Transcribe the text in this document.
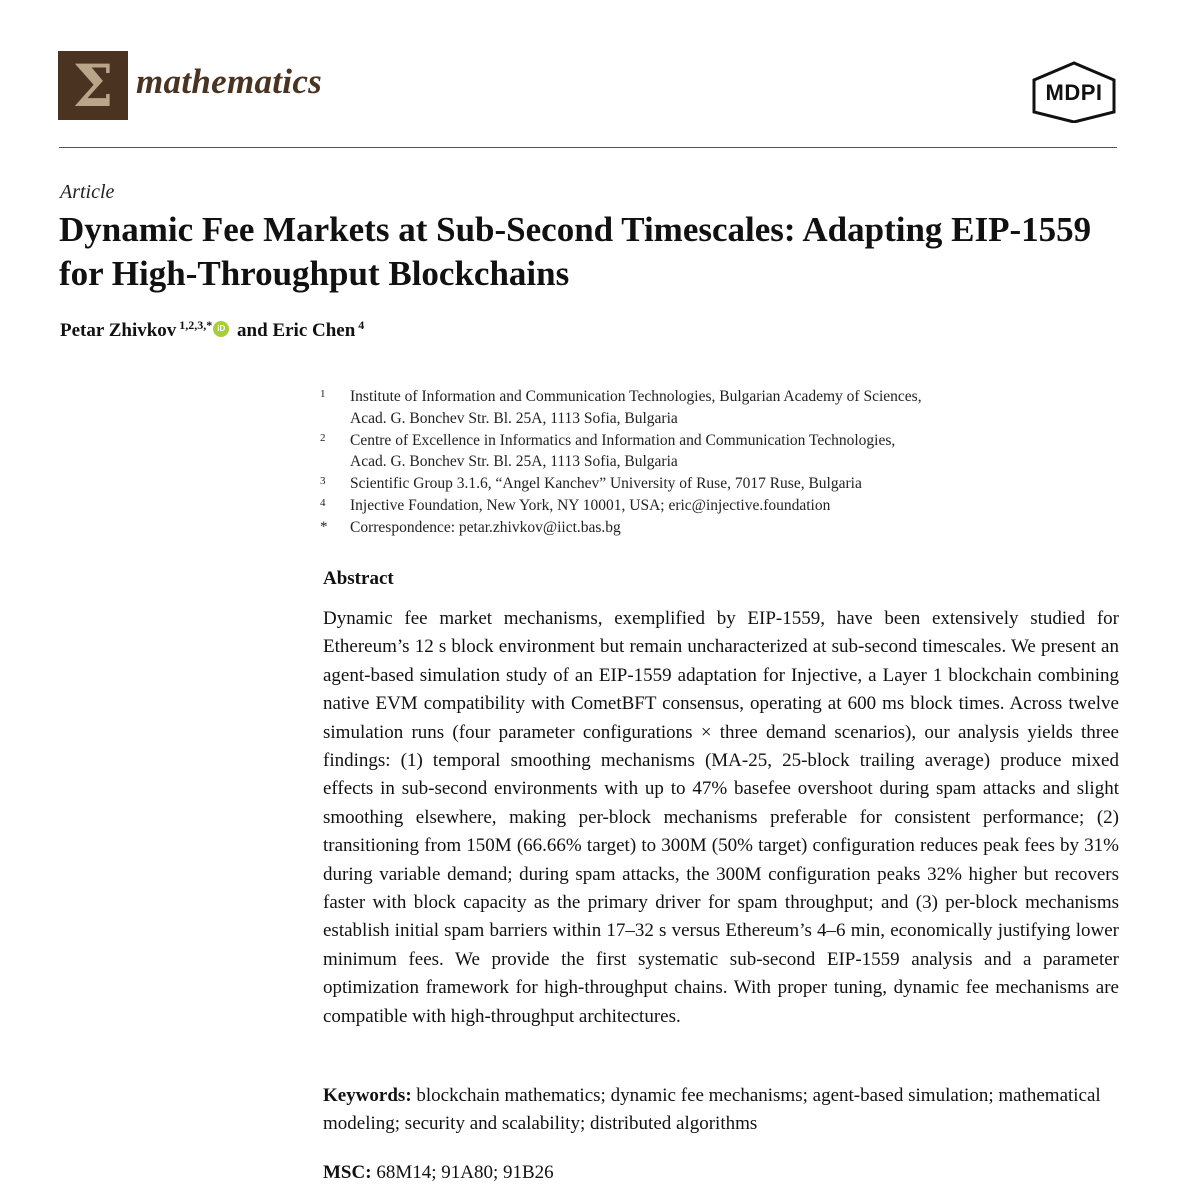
Σ mathematics	MDPI
Article
Dynamic Fee Markets at Sub-Second Timescales: Adapting EIP-1559 for High-Throughput Blockchains
Petar Zhivkov $^{1,2,3,*}$ iD and Eric Chen $^4$
1	Institute of Information and Communication Technologies, Bulgarian Academy of Sciences,
Acad. G. Bonchev Str. Bl. 25A, 1113 Sofia, Bulgaria
2	Centre of Excellence in Informatics and Information and Communication Technologies,
Acad. G. Bonchev Str. Bl. 25A, 1113 Sofia, Bulgaria
3	Scientific Group 3.1.6, “Angel Kanchev” University of Ruse, 7017 Ruse, Bulgaria
4	Injective Foundation, New York, NY 10001, USA; eric@injective.foundation
*	Correspondence: petar.zhivkov@iict.bas.bg
Abstract

Dynamic fee market mechanisms, exemplified by EIP-1559, have been extensively studied for Ethereum’s 12 s block environment but remain uncharacterized at sub-second timescales. We present an agent-based simulation study of an EIP-1559 adaptation for Injective, a Layer 1 blockchain combining native EVM compatibility with CometBFT consensus, operating at 600 ms block times. Across twelve simulation runs (four parameter configurations × three demand scenarios), our analysis yields three findings: (1) temporal smoothing mechanisms (MA-25, 25-block trailing average) produce mixed effects in sub-second environments with up to 47% basefee overshoot during spam attacks and slight smoothing elsewhere, making per-block mechanisms preferable for consistent performance; (2) transitioning from 150M (66.66% target) to 300M (50% target) configuration reduces peak fees by 31% during variable demand; during spam attacks, the 300M configuration peaks 32% higher but recovers faster with block capacity as the primary driver for spam throughput; and (3) per-block mechanisms establish initial spam barriers within 17–32 s versus Ethereum’s 4–6 min, economically justifying lower minimum fees. We provide the first systematic sub-second EIP-1559 analysis and a parameter optimization framework for high-throughput chains. With proper tuning, dynamic fee mechanisms are compatible with high-throughput architectures.

Keywords: blockchain mathematics; dynamic fee mechanisms; agent-based simulation; mathematical modeling; security and scalability; distributed algorithms

MSC: 68M14; 91A80; 91B26
